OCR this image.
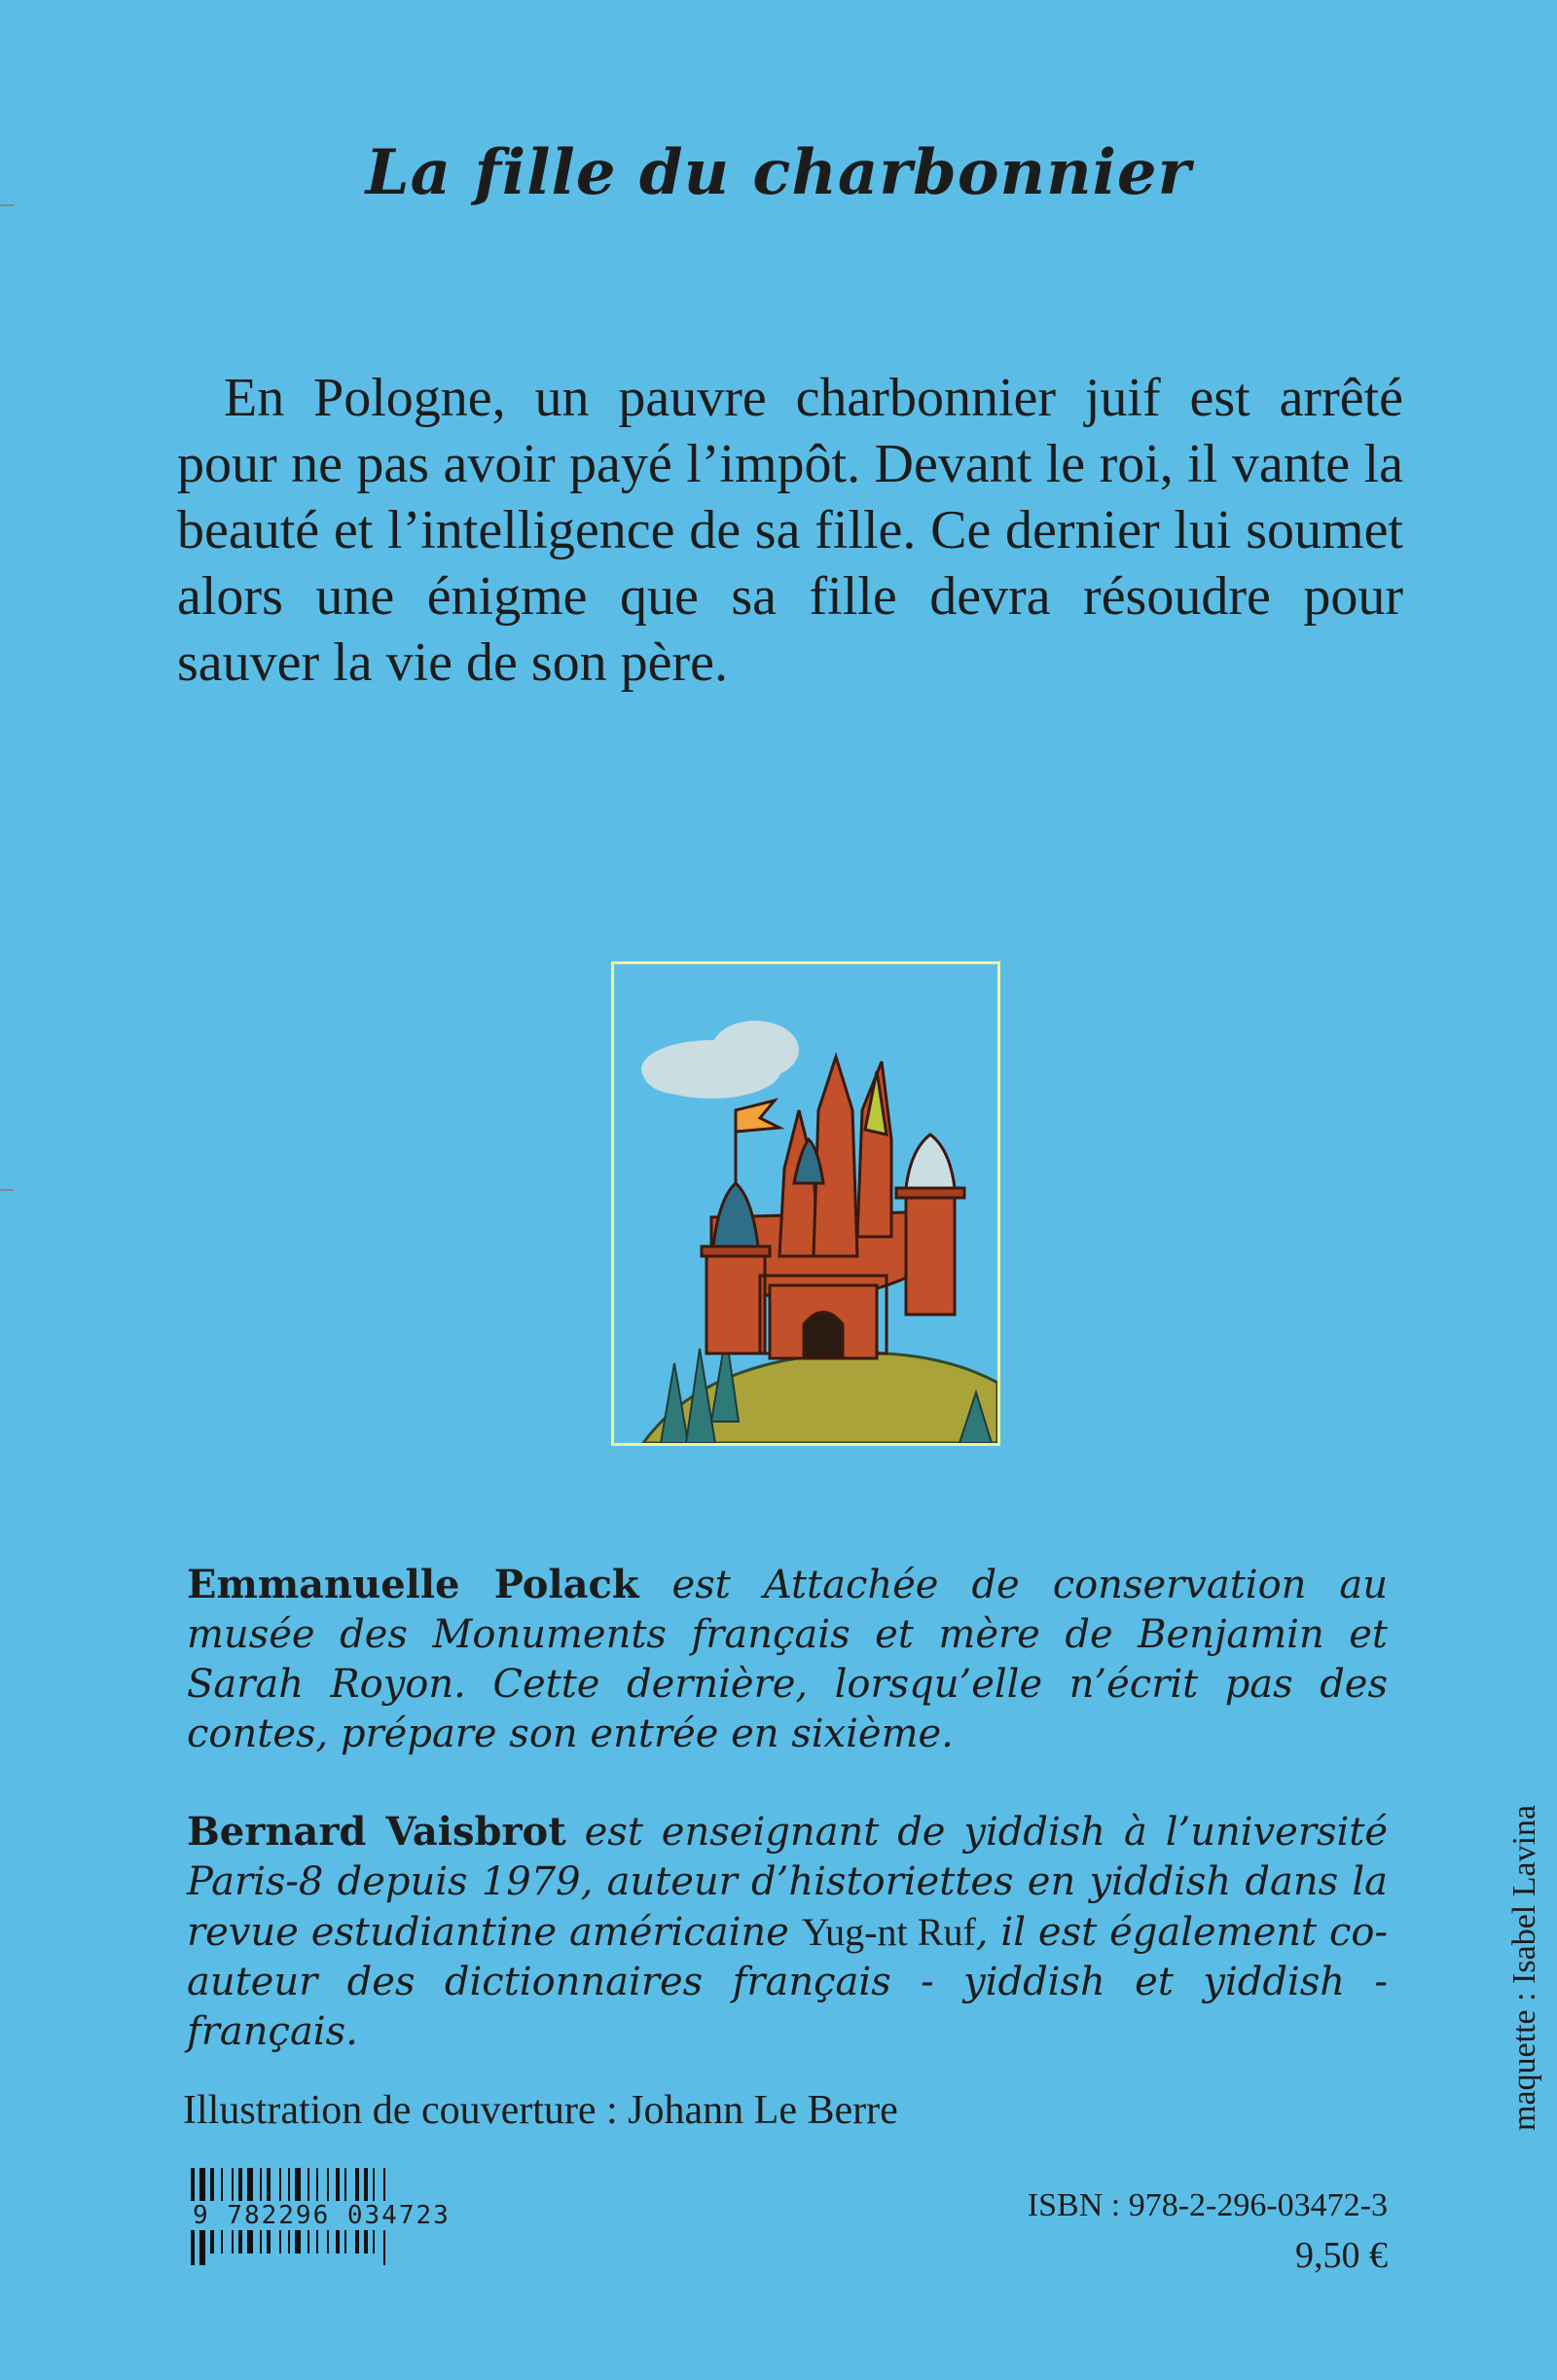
La fille du charbonnier

En Pologne, un pauvre charbonnier juif est arrêté pour ne pas avoir payé l’impôt. Devant le roi, il vante la beauté et l’intelligence de sa fille. Ce dernier lui soumet alors une énigme que sa fille devra résoudre pour sauver la vie de son père.

Emmanuelle Polack est Attachée de conservation au musée des Monuments français et mère de Benjamin et Sarah Royon. Cette dernière, lorsqu’elle n’écrit pas des contes, prépare son entrée en sixième.

Bernard Vaisbrot est enseignant de yiddish à l’université Paris-8 depuis 1979, auteur d’historiettes en yiddish dans la revue estudiantine américaine Yug-nt Ruf, il est également co-auteur des dictionnaires français - yiddish et yiddish - français.

Illustration de couverture : Johann Le Berre	maquette : Isabel Lavina
9 782296 034723	ISBN : 978-2-296-03472-3
9,50 €
